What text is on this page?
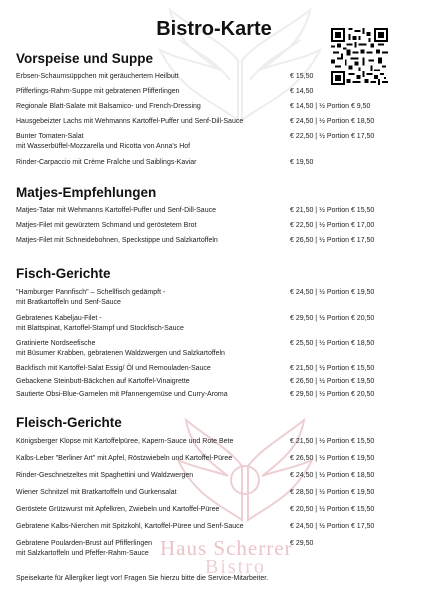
Haus Scherrer
Bistro
Bistro-Karte
Vorspeise und Suppe
Erbsen-Schaumsüppchen mit geräuchertem Heilbutt	€ 15,50
Pfifferlings-Rahm-Suppe mit gebratenen Pfifferlingen	€ 14,50
Regionale Blatt-Salate mit Balsamico- und French-Dressing	€ 14,50 | ½ Portion € 9,50
Hausgebeizter Lachs mit Wehmanns Kartoffel-Puffer und Senf-Dill-Sauce	€ 24,50 | ½ Portion € 18,50
Bunter Tomaten-Salat
mit Wasserbüffel-Mozzarella und Ricotta von Anna's Hof
€ 22,50 | ½ Portion € 17,50
Rinder-Carpaccio mit Crème Fraîche und Saiblings-Kaviar	€ 19,50
Matjes-Empfehlungen
Matjes-Tatar mit Wehmanns Kartoffel-Puffer und Senf-Dill-Sauce	€ 21,50 | ½ Portion € 15,50
Matjes-Filet mit gewürztem Schmand und geröstetem Brot	€ 22,50 | ½ Portion € 17,00
Matjes-Filet mit Schneidebohnen, Speckstippe und Salzkartoffeln	€ 26,50 | ½ Portion € 17,50
Fisch-Gerichte
"Hamburger Pannfisch" – Schellfisch gedämpft -
mit Bratkartoffeln und Senf-Sauce
€ 24,50 | ½ Portion € 19,50
Gebratenes Kabeljau-Filet -
mit Blattspinat, Kartoffel-Stampf und Stockfisch-Sauce
€ 29,50 | ½ Portion € 20,50
Gratinierte Nordseefische
mit Büsumer Krabben, gebratenen Waldzwergen und Salzkartoffeln
€ 25,50 | ½ Portion € 18,50
Backfisch mit Kartoffel-Salat Essig/ Öl und Remouladen-Sauce	€ 21,50 | ½ Portion € 15,50
Gebackene Steinbutt-Bäckchen auf Kartoffel-Vinaigrette	€ 26,50 | ½ Portion € 19,50
Sautierte Obsi-Blue-Garnelen mit Pfannengemüse und Curry-Aroma	€ 29,50 | ½ Portion € 20,50
Fleisch-Gerichte
Königsberger Klopse mit Kartoffelpüree, Kapern-Sauce und Rote Bete	€ 21,50 | ½ Portion € 15,50
Kalbs-Leber "Berliner Art" mit Apfel, Röstzwiebeln und Kartoffel-Püree	€ 26,50 | ½ Portion € 19,50
Rinder-Geschnetzeltes mit Spaghettini und Waldzwergen	€ 24,50 | ½ Portion € 18,50
Wiener Schnitzel mit Bratkartoffeln und Gurkensalat	€ 28,50 | ½ Portion € 19,50
Geröstete Grützwurst mit Apfelkren, Zwiebeln und Kartoffel-Püree	€ 20,50 | ½ Portion € 15,50
Gebratene Kalbs-Nierchen mit Spitzkohl, Kartoffel-Püree und Senf-Sauce	€ 24,50 | ½ Portion € 17,50
Gebratene Poularden-Brust auf Pfifferlingen
mit Salzkartoffeln und Pfeffer-Rahm-Sauce
€ 29,50
Speisekarte für Allergiker liegt vor! Fragen Sie hierzu bitte die Service-Mitarbeiter.
